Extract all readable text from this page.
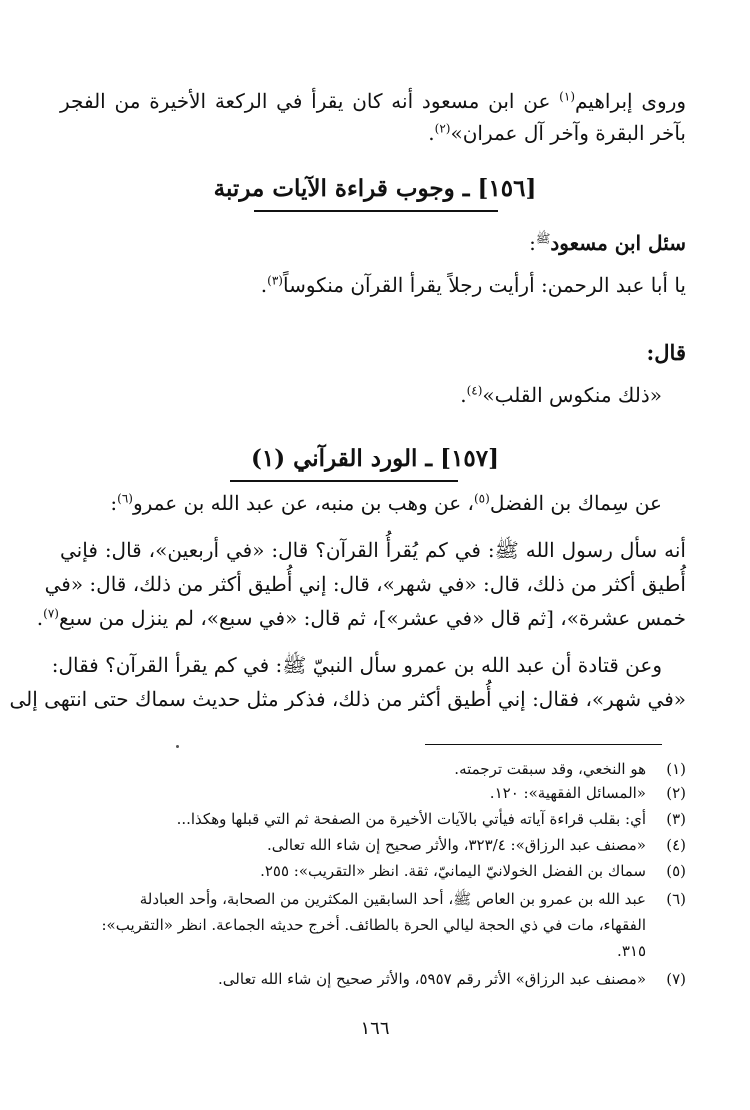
وروى إبراهيم$^{(١)}$ عن ابن مسعود أنه كان يقرأ في الركعة الأخيرة من الفجر
بآخر البقرة وآخر آل عمران»$^{(٢)}$.
[١٥٦] ـ وجوب قراءة الآيات مرتبة
سئل ابن مسعود$^ﷺ$:
يا أبا عبد الرحمن: أرأيت رجلاً يقرأ القرآن منكوساً$^{(٣)}$.
قال:
«ذلك منكوس القلب»$^{(٤)}$.
[١٥٧] ـ الورد القرآني (١)
عن سِماك بن الفضل$^{(٥)}$، عن وهب بن منبه، عن عبد الله بن عمرو$^{(٦)}$:
أنه سأل رسول الله ﷺ: في كم يُقرأُ القرآن؟ قال: «في أربعين»، قال: فإني
أُطيق أكثر من ذلك، قال: «في شهر»، قال: إني أُطيق أكثر من ذلك، قال: «في
خمس عشرة»، [ثم قال «في عشر»]، ثم قال: «في سبع»، لم ينزل من سبع$^{(٧)}$.
وعن قتادة أن عبد الله بن عمرو سأل النبيّ ﷺ: في كم يقرأ القرآن؟ فقال:
«في شهر»، فقال: إني أُطيق أكثر من ذلك، فذكر مثل حديث سماك حتى انتهى إلى
(١)هو النخعي، وقد سبقت ترجمته.
(٢)«المسائل الفقهية»: ١٢٠.
(٣)أي: بقلب قراءة آياته فيأتي بالآيات الأخيرة من الصفحة ثم التي قبلها وهكذا...
(٤)«مصنف عبد الرزاق»: ٣٢٣/٤، والأثر صحيح إن شاء الله تعالى.
(٥)سماك بن الفضل الخولانيّ اليمانيّ، ثقة. انظر «التقريب»: ٢٥٥.
(٦)عبد الله بن عمرو بن العاص ﷺ، أحد السابقين المكثرين من الصحابة، وأحد العبادلة
الفقهاء، مات في ذي الحجة ليالي الحرة بالطائف. أخرج حديثه الجماعة. انظر «التقريب»:
٣١٥.
(٧)«مصنف عبد الرزاق» الأثر رقم ٥٩٥٧، والأثر صحيح إن شاء الله تعالى.
١٦٦
